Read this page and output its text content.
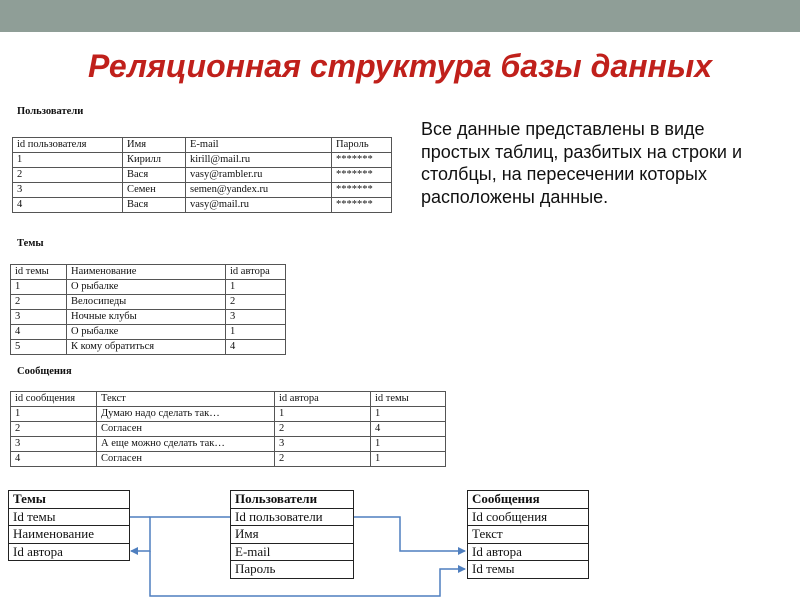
Реляционная структура базы данных
Пользователи
id пользователя	Имя	E-mail	Пароль
1	Кирилл	kirill@mail.ru	*******
2	Вася	vasy@rambler.ru	*******
3	Семен	semen@yandex.ru	*******
4	Вася	vasy@mail.ru	*******
Темы
id темы	Наименование	id автора
1	О рыбалке	1
2	Велосипеды	2
3	Ночные клубы	3
4	О рыбалке	1
5	К кому обратиться	4
Сообщения
id сообщения	Текст	id автора	id темы
1	Думаю надо сделать так…	1	1
2	Согласен	2	4
3	А еще можно сделать так…	3	1
4	Согласен	2	1
Все данные представлены в виде простых таблиц, разбитых на строки и столбцы, на пересечении которых расположены данные.
Темы
Id темы
Наименование
Id автора
Пользователи
Id пользователи
Имя
E-mail
Пароль
Сообщения
Id сообщения
Текст
Id автора
Id темы
